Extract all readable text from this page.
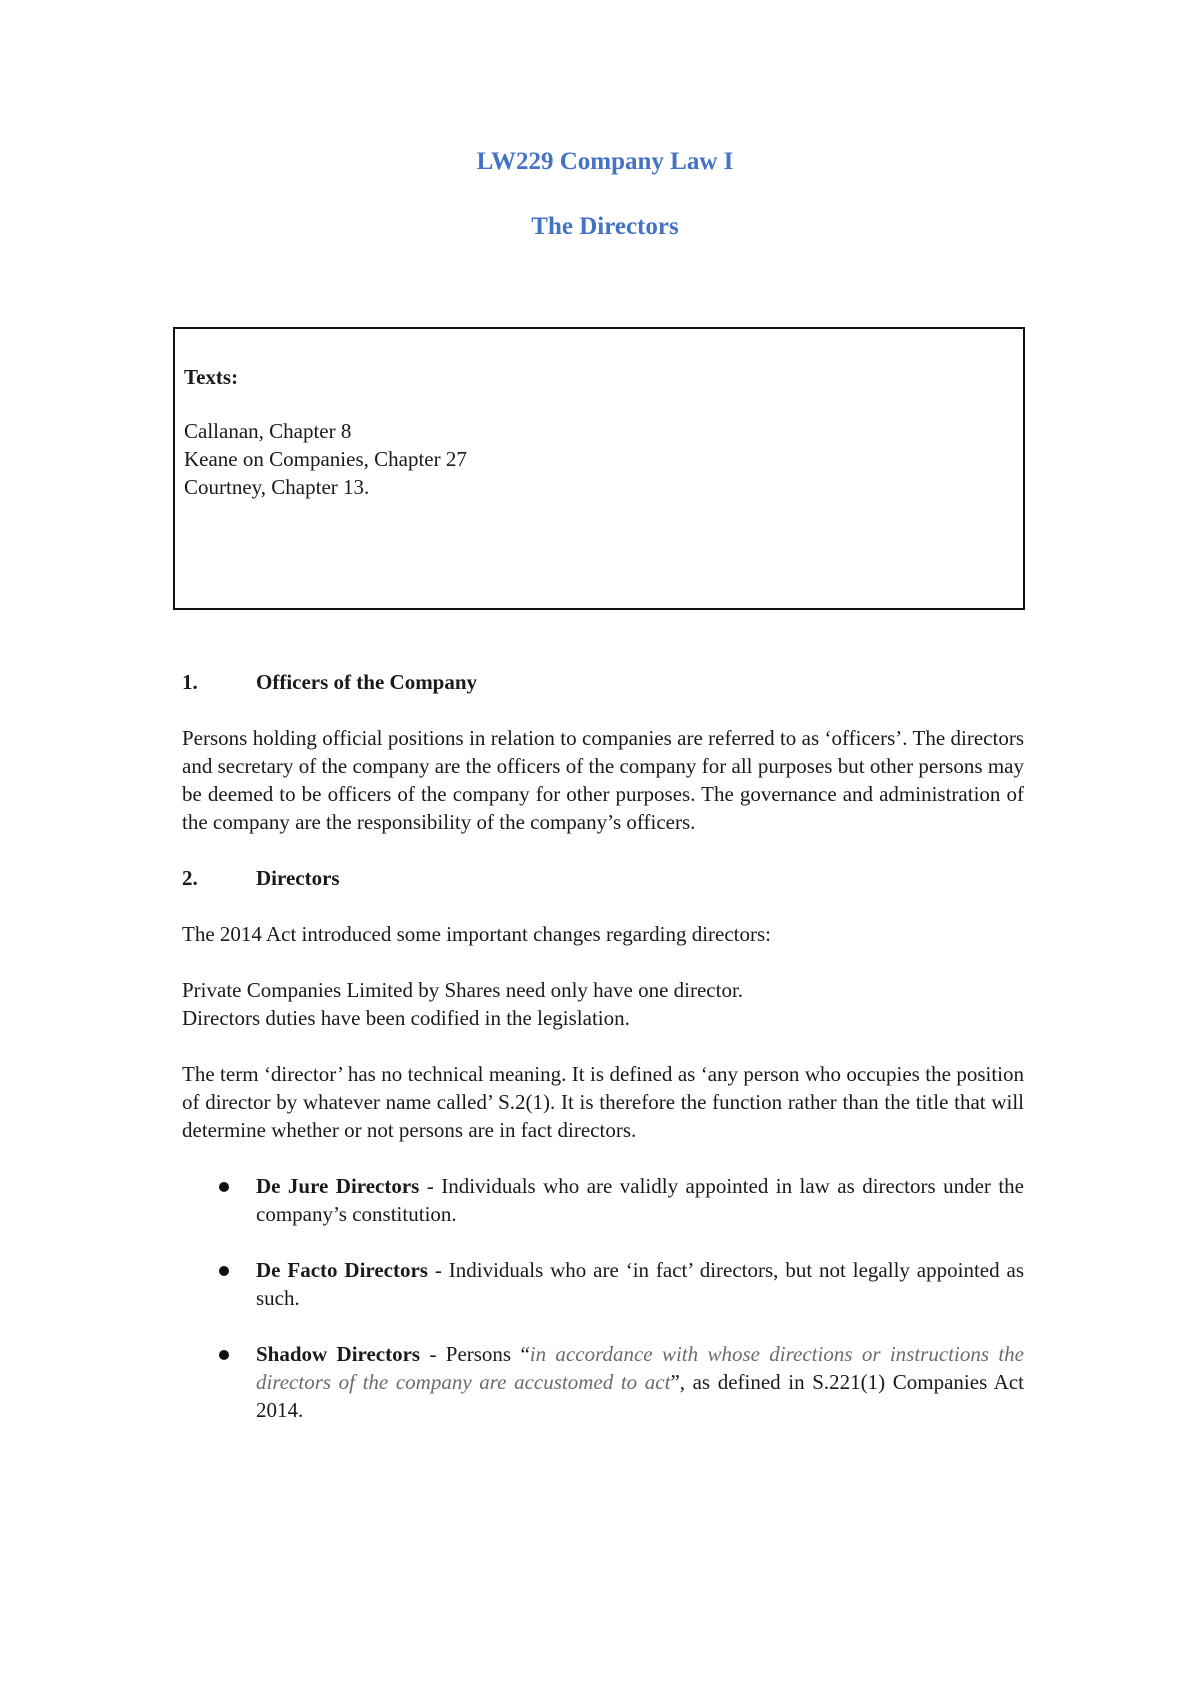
LW229 Company Law I
The Directors
Texts:
Callanan, Chapter 8
Keane on Companies, Chapter 27
Courtney, Chapter 13.
1.	Officers of the Company

Persons holding official positions in relation to companies are referred to as ‘officers’. The directors and secretary of the company are the officers of the company for all purposes but other persons may be deemed to be officers of the company for other purposes. The governance and administration of the company are the responsibility of the company’s officers.

2.	Directors

The 2014 Act introduced some important changes regarding directors:

Private Companies Limited by Shares need only have one director.

Directors duties have been codified in the legislation.

The term ‘director’ has no technical meaning. It is defined as ‘any person who occupies the position of director by whatever name called’ S.2(1). It is therefore the function rather than the title that will determine whether or not persons are in fact directors.

De Jure Directors - Individuals who are validly appointed in law as directors under the company’s constitution.
De Facto Directors - Individuals who are ‘in fact’ directors, but not legally appointed as such.
Shadow Directors - Persons “in accordance with whose directions or instructions the directors of the company are accustomed to act”, as defined in S.221(1) Companies Act 2014.
